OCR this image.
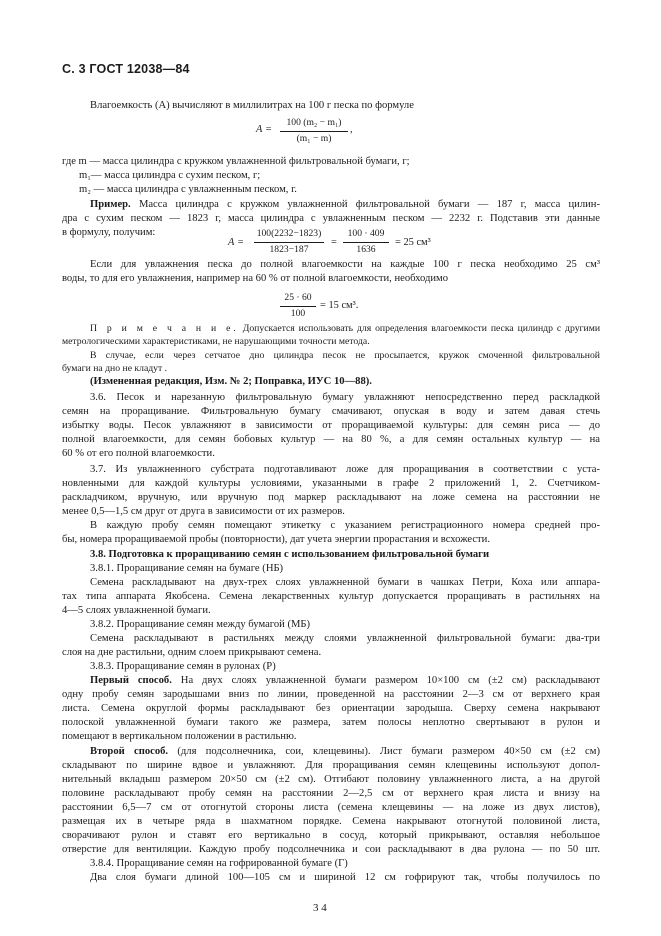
С. 3 ГОСТ 12038—84
Влагоемкость (А) вычисляют в миллилитрах на 100 г песка по формуле
А =
100 (m₂ − m₁)
(m₁ − m)
,
где m — масса цилиндра с кружком увлажненной фильтровальной бумаги, г;
m₁— масса цилиндра с сухим песком, г;
m₂ — масса цилиндра с увлажненным песком, г.
Пример. Масса цилиндра с кружком увлажненной фильтровальной бумаги — 187 г, масса цилин-
дра с сухим песком — 1823 г, масса цилиндра с увлажненным песком — 2232 г. Подставив эти данные
в формулу, получим:
А =
100(2232−1823)
1823−187
=
100 · 409
1636
= 25 см³
Если для увлажнения песка до полной влагоемкости на каждые 100 г песка необходимо 25 см³
воды, то для его увлажнения, например на 60 % от полной влагоемкости, необходимо
25 · 60
100
= 15 см³.
П р и м е ч а н и е. Допускается использовать для определения влагоемкости песка цилиндр с другими
метрологическими характеристиками, не нарушающими точности метода.
В случае, если через сетчатое дно цилиндра песок не просыпается, кружок смоченной фильтровальной
бумаги на дно не кладут .
(Измененная редакция, Изм. № 2; Поправка, ИУС 10—88).
3.6. Песок и нарезанную фильтровальную бумагу увлажняют непосредственно перед раскладкой
семян на проращивание. Фильтровальную бумагу смачивают, опуская в воду и затем давая стечь
избытку воды. Песок увлажняют в зависимости от проращиваемой культуры: для семян риса — до
полной влагоемкости, для семян бобовых культур — на 80 %, а для семян остальных культур — на
60 % от его полной влагоемкости.
3.7. Из увлажненного субстрата подготавливают ложе для проращивания в соответствии с уста-
новленными для каждой культуры условиями, указанными в графе 2 приложений 1, 2. Счетчиком-
раскладчиком, вручную, или вручную под маркер раскладывают на ложе семена на расстоянии не
менее 0,5—1,5 см друг от друга в зависимости от их размеров.
В каждую пробу семян помещают этикетку с указанием регистрационного номера средней про-
бы, номера проращиваемой пробы (повторности), дат учета энергии прорастания и всхожести.
3.8. Подготовка к проращиванию семян с использованием фильтровальной бумаги
3.8.1. Проращивание семян на бумаге (НБ)
Семена раскладывают на двух-трех слоях увлажненной бумаги в чашках Петри, Коха или аппара-
тах типа аппарата Якобсена. Семена лекарственных культур допускается проращивать в растильнях на
4—5 слоях увлажненной бумаги.
3.8.2. Проращивание семян между бумагой (МБ)
Семена раскладывают в растильнях между слоями увлажненной фильтровальной бумаги: два-три
слоя на дне растильни, одним слоем прикрывают семена.
3.8.3. Проращивание семян в рулонах (Р)
Первый способ. На двух слоях увлажненной бумаги размером 10×100 см (±2 см) раскладывают
одну пробу семян зародышами вниз по линии, проведенной на расстоянии 2—3 см от верхнего края
листа. Семена округлой формы раскладывают без ориентации зародыша. Сверху семена накрывают
полоской увлажненной бумаги такого же размера, затем полосы неплотно свертывают в рулон и
помещают в вертикальном положении в растильню.
Второй способ. (для подсолнечника, сои, клещевины). Лист бумаги размером 40×50 см (±2 см)
складывают по ширине вдвое и увлажняют. Для проращивания семян клещевины используют допол-
нительный вкладыш размером 20×50 см (±2 см). Отгибают половину увлажненного листа, а на другой
половине раскладывают пробу семян на расстоянии 2—2,5 см от верхнего края листа и внизу на
расстоянии 6,5—7 см от отогнутой стороны листа (семена клещевины — на ложе из двух листов),
размещая их в четыре ряда в шахматном порядке. Семена накрывают отогнутой половиной листа,
сворачивают рулон и ставят его вертикально в сосуд, который прикрывают, оставляя небольшое
отверстие для вентиляции. Каждую пробу подсолнечника и сои раскладывают в два рулона — по 50 шт.
3.8.4. Проращивание семян на гофрированной бумаге (Г)
Два слоя бумаги длиной 100—105 см и шириной 12 см гофрируют так, чтобы получилось по
3 4
